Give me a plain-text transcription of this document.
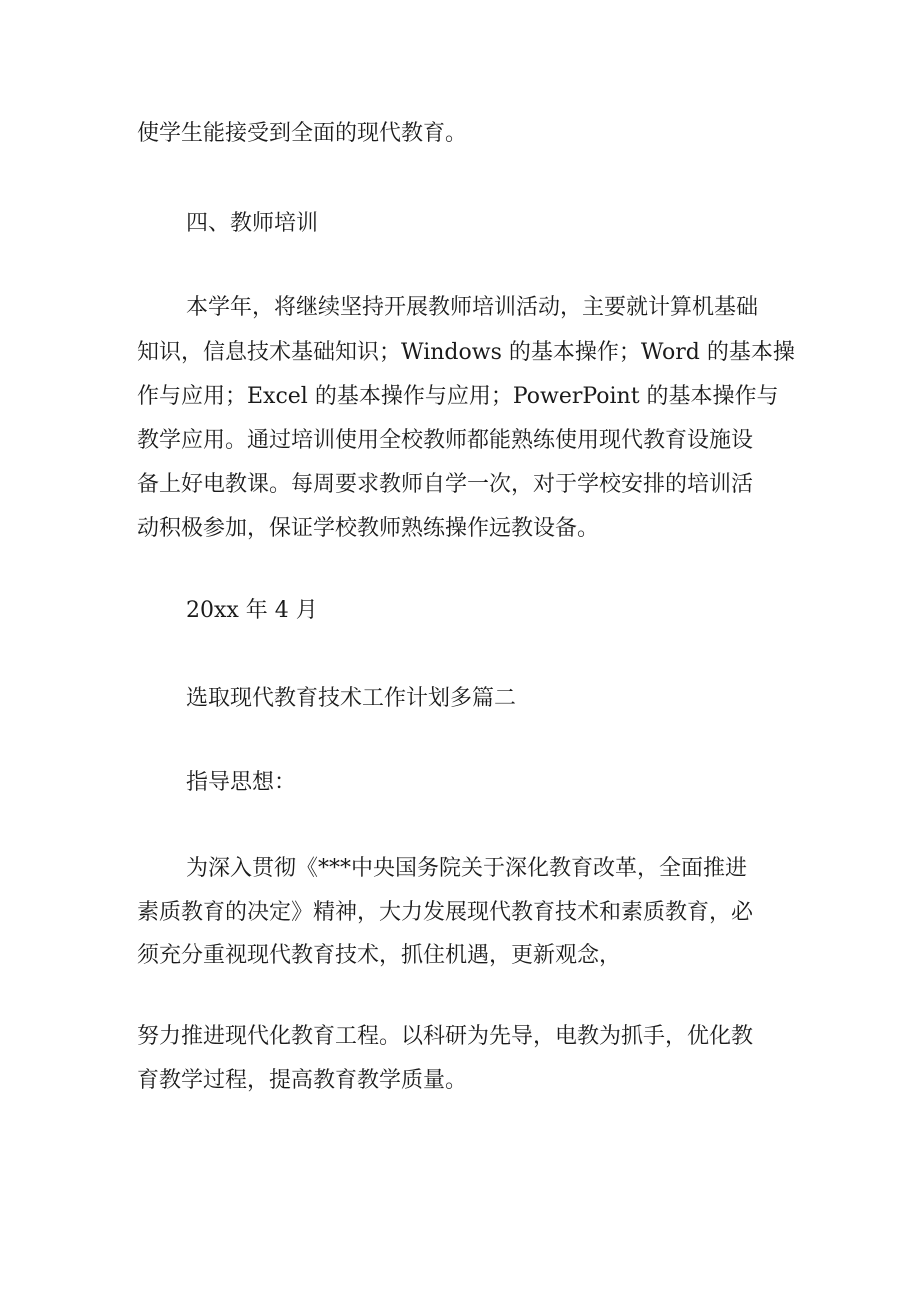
使学生能接受到全面的现代教育。
四、教师培训
本学年，将继续坚持开展教师培训活动，主要就计算机基础
知识，信息技术基础知识；Windows 的基本操作；Word 的基本操
作与应用；Excel 的基本操作与应用；PowerPoint 的基本操作与
教学应用。通过培训使用全校教师都能熟练使用现代教育设施设
备上好电教课。每周要求教师自学一次，对于学校安排的培训活
动积极参加，保证学校教师熟练操作远教设备。
20xx 年 4 月
选取现代教育技术工作计划多篇二
指导思想：
为深入贯彻《***中央国务院关于深化教育改革，全面推进
素质教育的决定》精神，大力发展现代教育技术和素质教育，必
须充分重视现代教育技术，抓住机遇，更新观念，
努力推进现代化教育工程。以科研为先导，电教为抓手，优化教
育教学过程，提高教育教学质量。
